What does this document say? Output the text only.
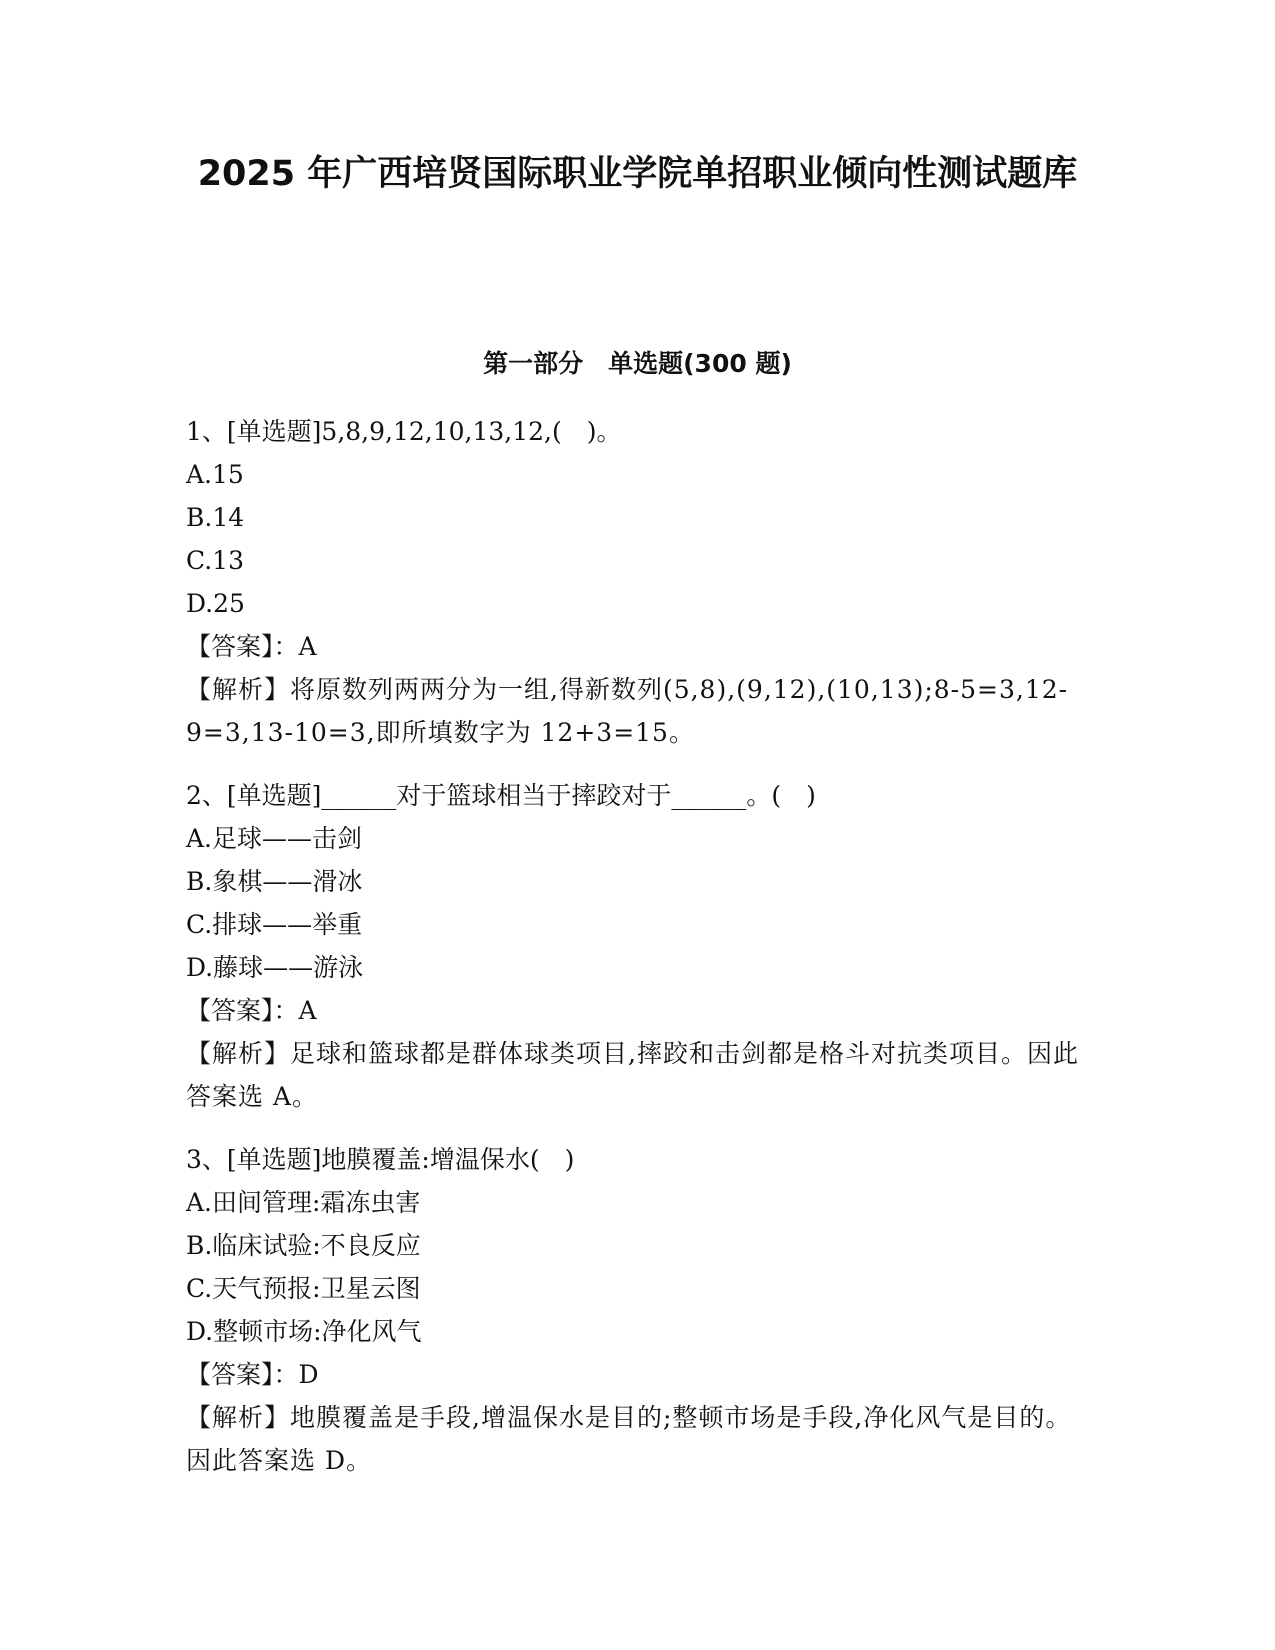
2025 年广西培贤国际职业学院单招职业倾向性测试题库
第一部分　单选题(300 题)

1、[单选题]5,8,9,12,10,13,12,(　)。

A.15

B.14

C.13

D.25

【答案】：A

【解析】将原数列两两分为一组,得新数列(5,8),(9,12),(10,13);8-5=3,12-9=3,13-10=3,即所填数字为 12+3=15。

2、[单选题]______对于篮球相当于摔跤对于______。(　)

A.足球——击剑

B.象棋——滑冰

C.排球——举重

D.藤球——游泳

【答案】：A

【解析】足球和篮球都是群体球类项目,摔跤和击剑都是格斗对抗类项目。因此答案选 A。

3、[单选题]地膜覆盖:增温保水(　)

A.田间管理:霜冻虫害

B.临床试验:不良反应

C.天气预报:卫星云图

D.整顿市场:净化风气

【答案】：D

【解析】地膜覆盖是手段,增温保水是目的;整顿市场是手段,净化风气是目的。因此答案选 D。
